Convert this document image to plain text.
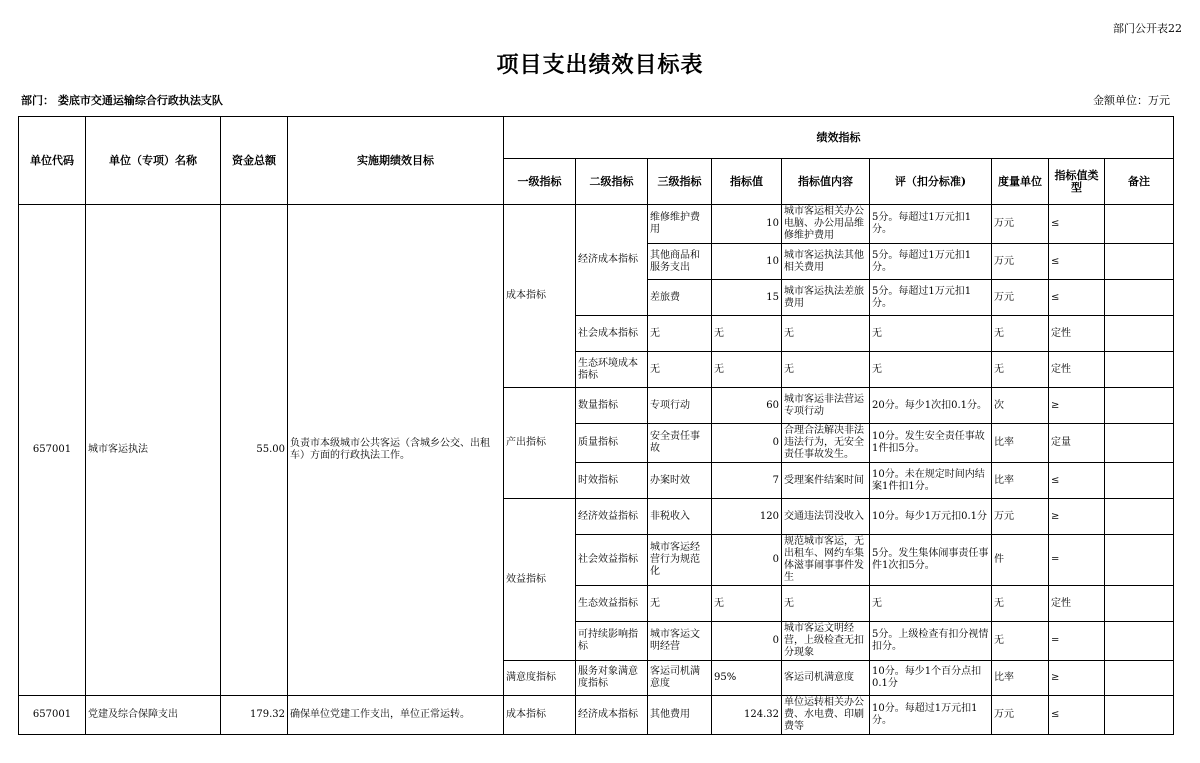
部门公开表22
项目支出绩效目标表
部门： 娄底市交通运输综合行政执法支队	金额单位：万元
单位代码	单位（专项）名称	资金总额	实施期绩效目标	绩效指标								
				一级指标	二级指标	三级指标	指标值	指标值内容	评（扣分标准)	度量单位	指标值类型	备注
657001	城市客运执法	55.00	负责市本级城市公共客运（含城乡公交、出租车）方面的行政执法工作。	成本指标	经济成本指标	维修维护费用	10	城市客运相关办公电脑、办公用品维修维护费用	5分。每超过1万元扣1分。	万元	≤	
						其他商品和服务支出	10	城市客运执法其他相关费用	5分。每超过1万元扣1分。	万元	≤	
						差旅费	15	城市客运执法差旅费用	5分。每超过1万元扣1分。	万元	≤	
					社会成本指标	无	无	无	无	无	定性	
					生态环境成本指标	无	无	无	无	无	定性	
				产出指标	数量指标	专项行动	60	城市客运非法营运专项行动	20分。每少1次扣0.1分。	次	≥	
					质量指标	安全责任事故	0	合理合法解决非法违法行为，无安全责任事故发生。	10分。发生安全责任事故1件扣5分。	比率	定量	
					时效指标	办案时效	7	受理案件结案时间	10分。未在规定时间内结案1件扣1分。	比率	≤	
				效益指标	经济效益指标	非税收入	120	交通违法罚没收入	10分。每少1万元扣0.1分	万元	≥	
					社会效益指标	城市客运经营行为规范化	0	规范城市客运，无出租车、网约车集体滋事闹事事件发生	5分。发生集体闹事责任事件1次扣5分。	件	=	
					生态效益指标	无	无	无	无	无	定性	
					可持续影响指标	城市客运文明经营	0	城市客运文明经营，上级检查无扣分现象	5分。上级检查有扣分视情扣分。	无	=	
				满意度指标	服务对象满意度指标	客运司机满意度	95%	客运司机满意度	10分。每少1个百分点扣0.1分	比率	≥	
657001	党建及综合保障支出	179.32	确保单位党建工作支出，单位正常运转。	成本指标	经济成本指标	其他费用	124.32	单位运转相关办公费、水电费、印刷费等	10分。每超过1万元扣1分。	万元	≤	
